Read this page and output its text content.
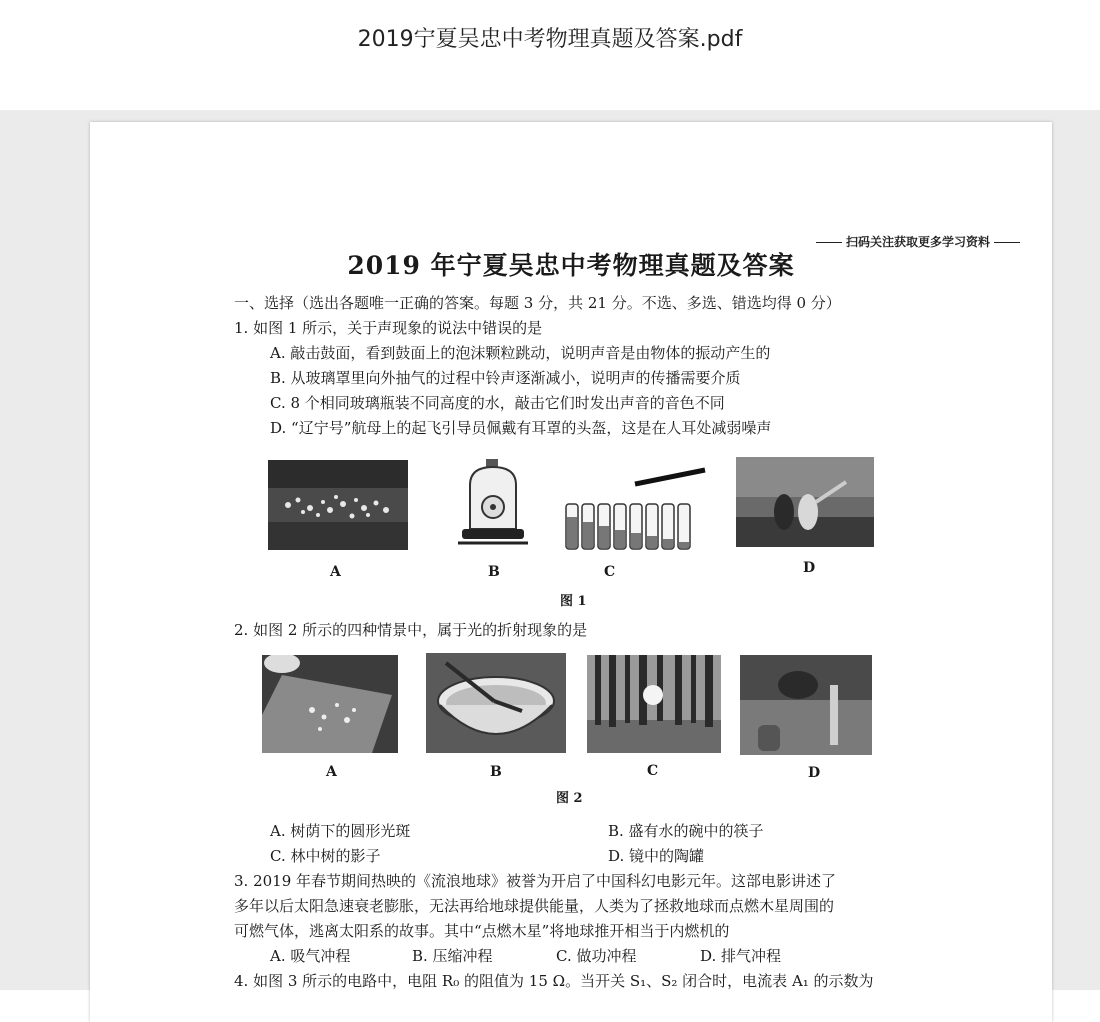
2019宁夏吴忠中考物理真题及答案.pdf
扫码关注获取更多学习资料
2019 年宁夏吴忠中考物理真题及答案
一、选择（选出各题唯一正确的答案。每题 3 分，共 21 分。不选、多选、错选均得 0 分）
1. 如图 1 所示，关于声现象的说法中错误的是
A. 敲击鼓面，看到鼓面上的泡沫颗粒跳动，说明声音是由物体的振动产生的
B. 从玻璃罩里向外抽气的过程中铃声逐渐减小，说明声的传播需要介质
C. 8 个相同玻璃瓶装不同高度的水，敲击它们时发出声音的音色不同
D. “辽宁号”航母上的起飞引导员佩戴有耳罩的头盔，这是在人耳处减弱噪声
A	B	C	D
图 1
2. 如图 2 所示的四种情景中，属于光的折射现象的是
A	B	C	D
图 2
A. 树荫下的圆形光斑	B. 盛有水的碗中的筷子
C. 林中树的影子	D. 镜中的陶罐
3. 2019 年春节期间热映的《流浪地球》被誉为开启了中国科幻电影元年。这部电影讲述了
多年以后太阳急速衰老膨胀，无法再给地球提供能量，人类为了拯救地球而点燃木星周围的
可燃气体，逃离太阳系的故事。其中“点燃木星”将地球推开相当于内燃机的
A. 吸气冲程	B. 压缩冲程	C. 做功冲程	D. 排气冲程
4. 如图 3 所示的电路中，电阻 R₀ 的阻值为 15 Ω。当开关 S₁、S₂ 闭合时，电流表 A₁ 的示数为
